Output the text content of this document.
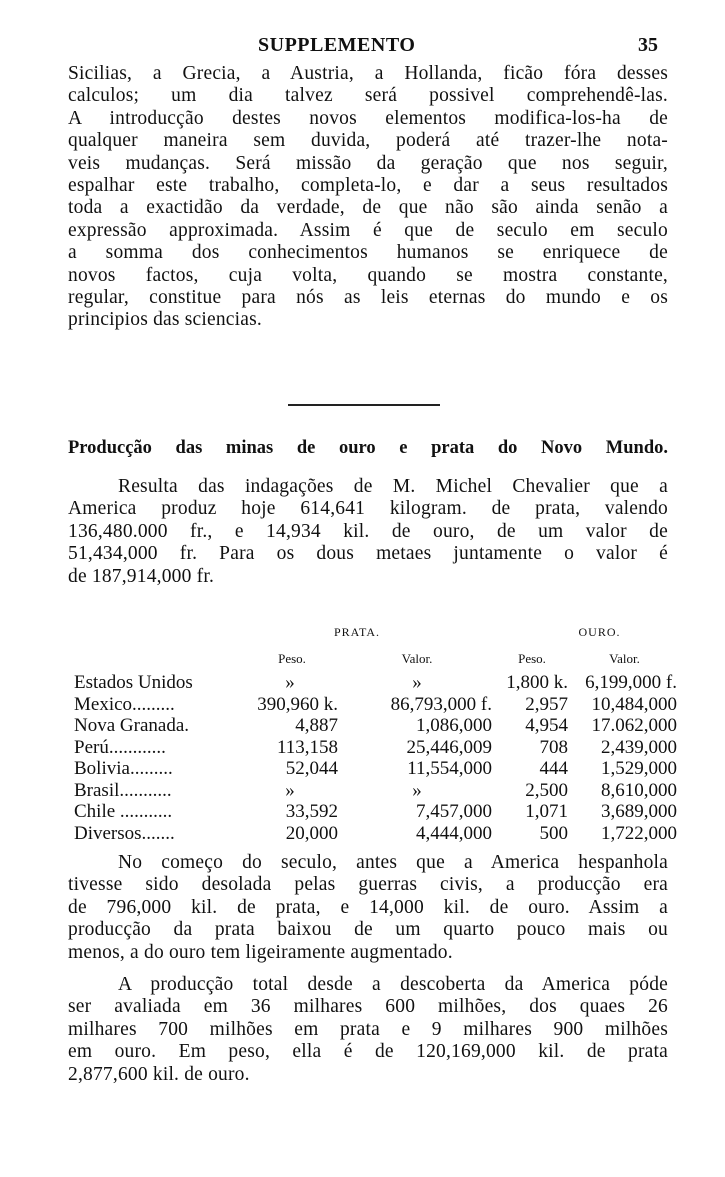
SUPPLEMENTO	35
Sicilias, a Grecia, a Austria, a Hollanda, ficão fóra desses
calculos; um dia talvez será possivel comprehendê-las.
A introducção destes novos elementos modifica-los-ha de
qualquer maneira sem duvida, poderá até trazer-lhe nota-
veis mudanças. Será missão da geração que nos seguir,
espalhar este trabalho, completa-lo, e dar a seus resultados
toda a exactidão da verdade, de que não são ainda senão a
expressão approximada. Assim é que de seculo em seculo
a somma dos conhecimentos humanos se enriquece de
novos factos, cuja volta, quando se mostra constante,
regular, constitue para nós as leis eternas do mundo e os
principios das sciencias.
Producção das minas de ouro e prata do Novo Mundo.
Resulta das indagações de M. Michel Chevalier que a
America produz hoje 614,641 kilogram. de prata, valendo
136,480.000 fr., e 14,934 kil. de ouro, de um valor de
51,434,000 fr. Para os dous metaes juntamente o valor é
de 187,914,000 fr.
	PRATA.		OURO.	
	Peso.	Valor.	Peso.	Valor.
Estados Unidos	»	»	1,800 k.	6,199,000 f.
Mexico.........	390,960 k.	86,793,000 f.	2,957	10,484,000
Nova Granada.	4,887	1,086,000	4,954	17.062,000
Perú............	113,158	25,446,009	708	2,439,000
Bolivia.........	52,044	11,554,000	444	1,529,000
Brasil...........	»	»	2,500	8,610,000
Chile ...........	33,592	7,457,000	1,071	3,689,000
Diversos.......	20,000	4,444,000	500	1,722,000
No começo do seculo, antes que a America hespanhola
tivesse sido desolada pelas guerras civis, a producção era
de 796,000 kil. de prata, e 14,000 kil. de ouro. Assim a
producção da prata baixou de um quarto pouco mais ou
menos, a do ouro tem ligeiramente augmentado.
A producção total desde a descoberta da America póde
ser avaliada em 36 milhares 600 milhões, dos quaes 26
milhares 700 milhões em prata e 9 milhares 900 milhões
em ouro. Em peso, ella é de 120,169,000 kil. de prata
2,877,600 kil. de ouro.
